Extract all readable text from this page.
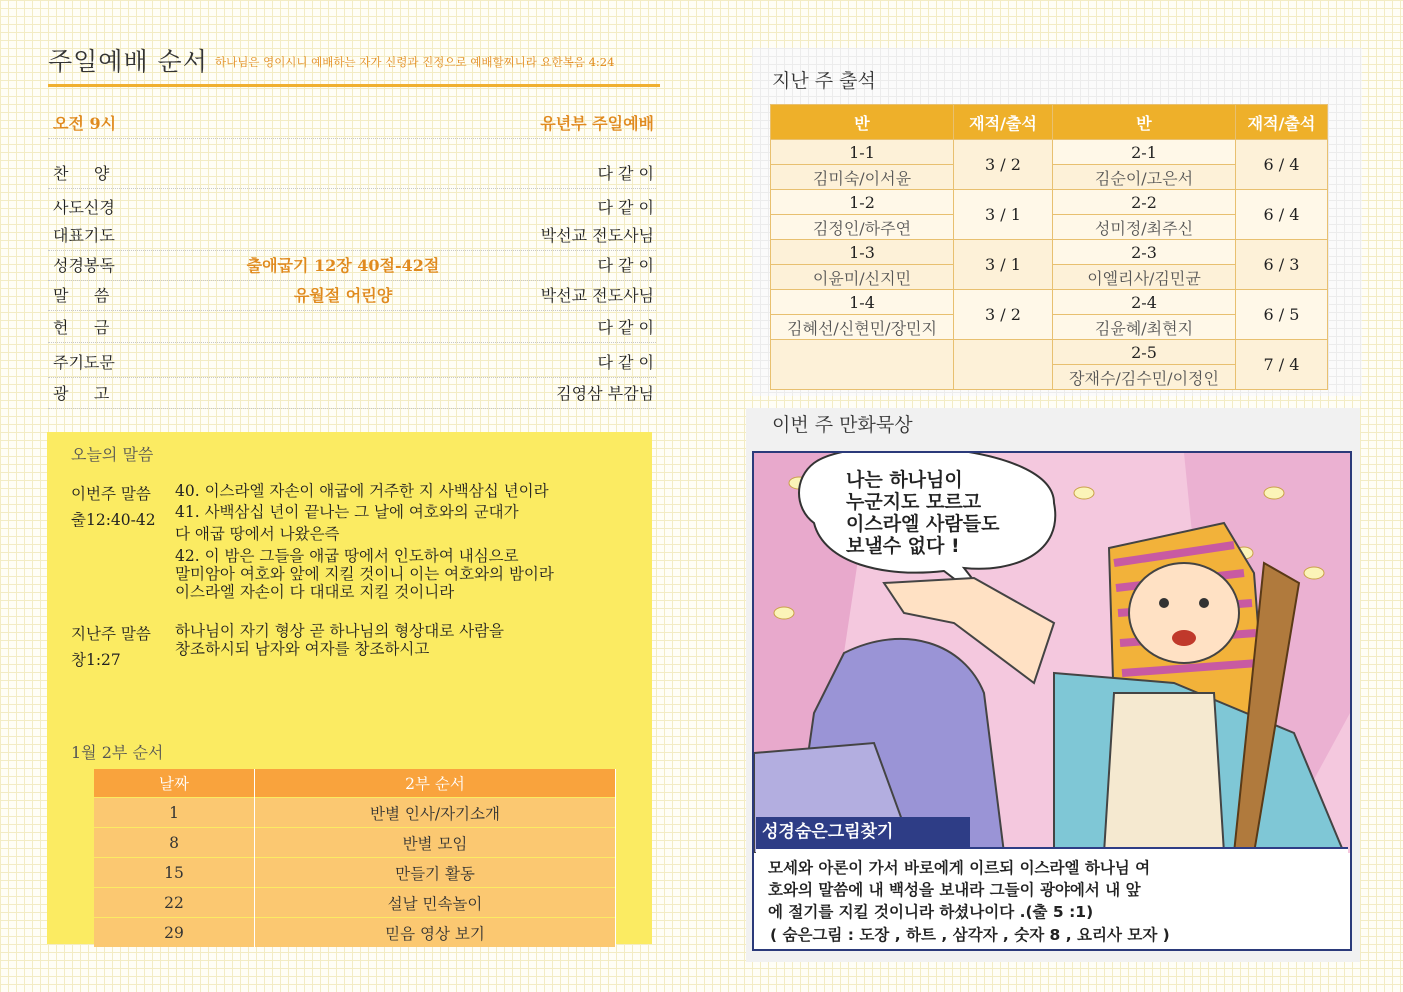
주일예배 순서 하나님은 영이시니 예배하는 자가 신령과 진정으로 예배할찌니라 요한복음 4:24
오전 9시	유년부 주일예배
찬     양	다 같 이
사도신경	다 같 이
대표기도	박선교 전도사님
성경봉독	출애굽기 12장 40절-42절	다 같 이
말     씀	유월절 어린양	박선교 전도사님
헌     금	다 같 이
주기도문	다 같 이
광     고	김영삼 부감님
오늘의 말씀
이번주 말씀
출12:40-42
40. 이스라엘 자손이 애굽에 거주한 지 사백삼십 년이라
41. 사백삼십 년이 끝나는 그 날에 여호와의 군대가
다 애굽 땅에서 나왔은즉
42. 이 밤은 그들을 애굽 땅에서 인도하여 내심으로
말미암아 여호와 앞에 지킬 것이니 이는 여호와의 밤이라
이스라엘 자손이 다 대대로 지킬 것이니라
지난주 말씀
창1:27
하나님이 자기 형상 곧 하나님의 형상대로 사람을
창조하시되 남자와 여자를 창조하시고
1월 2부 순서
날짜	2부 순서
1	반별 인사/자기소개
8	반별 모임
15	만들기 활동
22	설날 민속놀이
29	믿음 영상 보기
지난 주 출석
반	재적/출석	반	재적/출석
1-1	3 / 2	2-1	6 / 4
김미숙/이서윤		김순이/고은서	
1-2	3 / 1	2-2	6 / 4
김정인/하주연		성미정/최주신	
1-3	3 / 1	2-3	6 / 3
이윤미/신지민		이엘리사/김민균	
1-4	3 / 2	2-4	6 / 5
김혜선/신현민/장민지		김윤혜/최현지	
		2-5	7 / 4
		장재수/김수민/이정인	
이번 주 만화묵상
나는 하나님이
누군지도 모르고
이스라엘 사람들도
보낼수 없다 !
성경숨은그림찾기
모세와 아론이 가서 바로에게 이르되 이스라엘 하나님 여
호와의 말씀에 내 백성을 보내라 그들이 광야에서 내 앞
에 절기를 지킬 것이니라 하셨나이다 .(출 5 :1)
( 숨은그림 : 도장 , 하트 , 삼각자 , 숫자 8 , 요리사 모자 )
